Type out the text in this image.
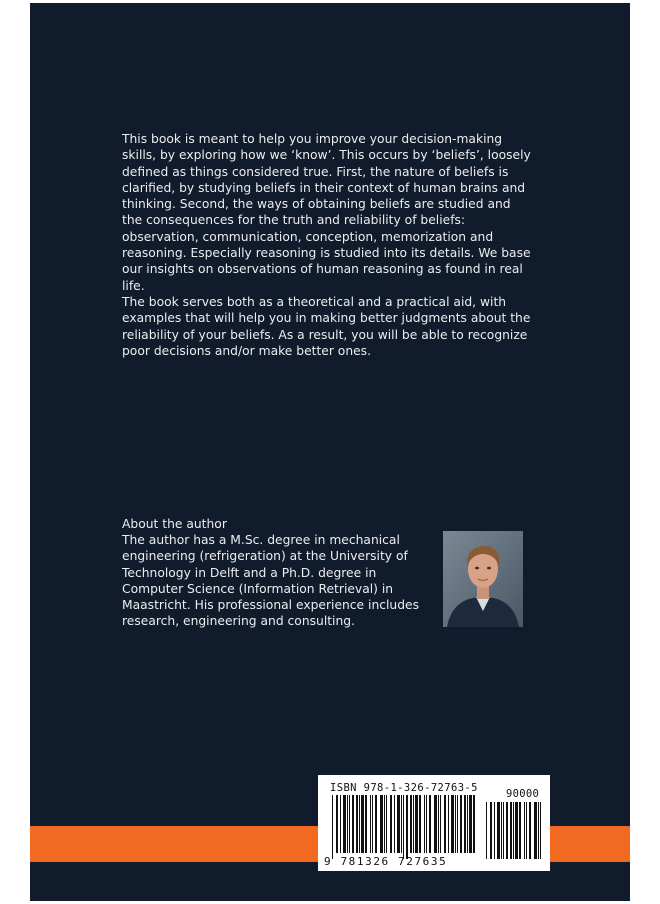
This book is meant to help you improve your decision-making skills, by exploring how we ‘know’. This occurs by ‘beliefs’, loosely defined as things considered true. First, the nature of beliefs is clarified, by studying beliefs in their context of human brains and thinking. Second, the ways of obtaining beliefs are studied and the consequences for the truth and reliability of beliefs: observation, communication, conception, memorization and reasoning. Especially reasoning is studied into its details. We base our insights on observations of human reasoning as found in real life.

The book serves both as a theoretical and a practical aid, with examples that will help you in making better judgments about the reliability of your beliefs. As a result, you will be able to recognize poor decisions and/or make better ones.

About the author

The author has a M.Sc. degree in mechanical engineering (refrigeration) at the University of Technology in Delft and a Ph.D. degree in Computer Science (Information Retrieval) in Maastricht. His professional experience includes research, engineering and consulting.

ISBN 978-1-326-72763-5	90000
9 781326 727635
